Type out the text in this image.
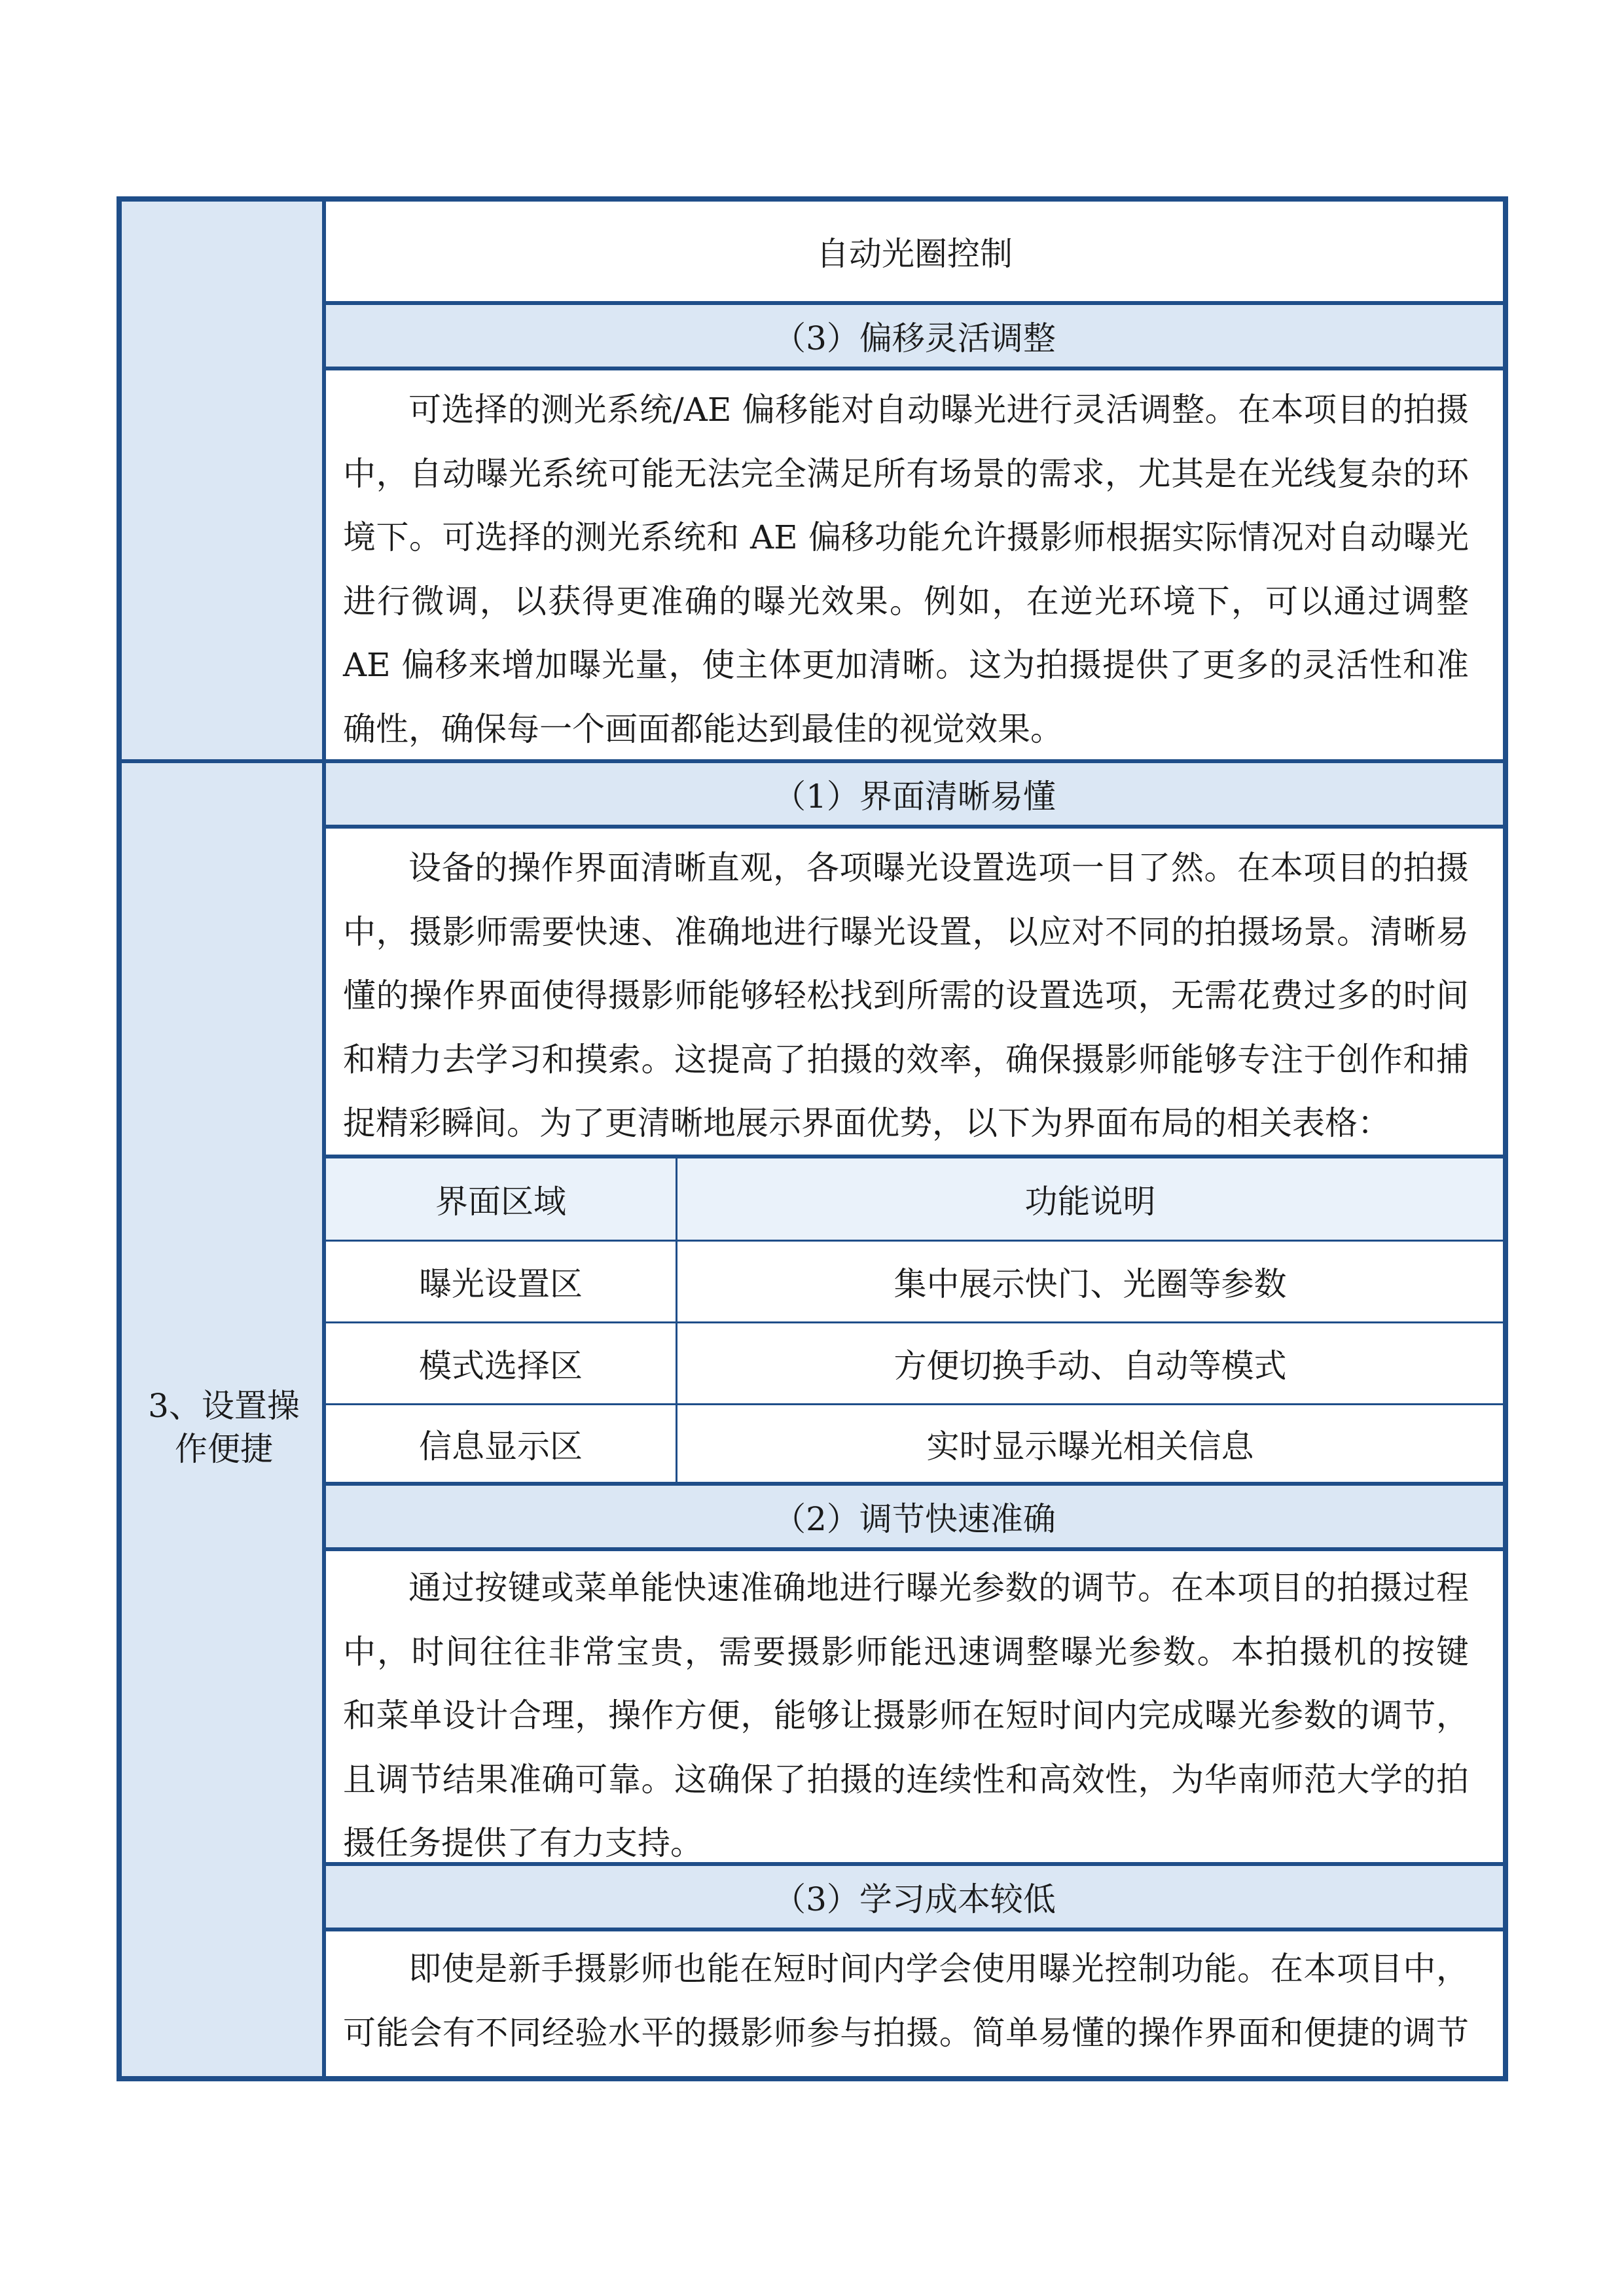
自动光圈控制
（3）偏移灵活调整
可选择的测光系统/AE 偏移能对自动曝光进行灵活调整。在本项目的拍摄
中，自动曝光系统可能无法完全满足所有场景的需求，尤其是在光线复杂的环
境下。可选择的测光系统和 AE 偏移功能允许摄影师根据实际情况对自动曝光
进行微调，以获得更准确的曝光效果。例如，在逆光环境下，可以通过调整
AE 偏移来增加曝光量，使主体更加清晰。这为拍摄提供了更多的灵活性和准
确性，确保每一个画面都能达到最佳的视觉效果。
3、设置操
作便捷
（1）界面清晰易懂
设备的操作界面清晰直观，各项曝光设置选项一目了然。在本项目的拍摄
中，摄影师需要快速、准确地进行曝光设置，以应对不同的拍摄场景。清晰易
懂的操作界面使得摄影师能够轻松找到所需的设置选项，无需花费过多的时间
和精力去学习和摸索。这提高了拍摄的效率，确保摄影师能够专注于创作和捕
捉精彩瞬间。为了更清晰地展示界面优势，以下为界面布局的相关表格：
界面区域	功能说明
曝光设置区	集中展示快门、光圈等参数
模式选择区	方便切换手动、自动等模式
信息显示区	实时显示曝光相关信息
（2）调节快速准确
通过按键或菜单能快速准确地进行曝光参数的调节。在本项目的拍摄过程
中，时间往往非常宝贵，需要摄影师能迅速调整曝光参数。本拍摄机的按键
和菜单设计合理，操作方便，能够让摄影师在短时间内完成曝光参数的调节，
且调节结果准确可靠。这确保了拍摄的连续性和高效性，为华南师范大学的拍
摄任务提供了有力支持。
（3）学习成本较低
即使是新手摄影师也能在短时间内学会使用曝光控制功能。在本项目中，
可能会有不同经验水平的摄影师参与拍摄。简单易懂的操作界面和便捷的调节
